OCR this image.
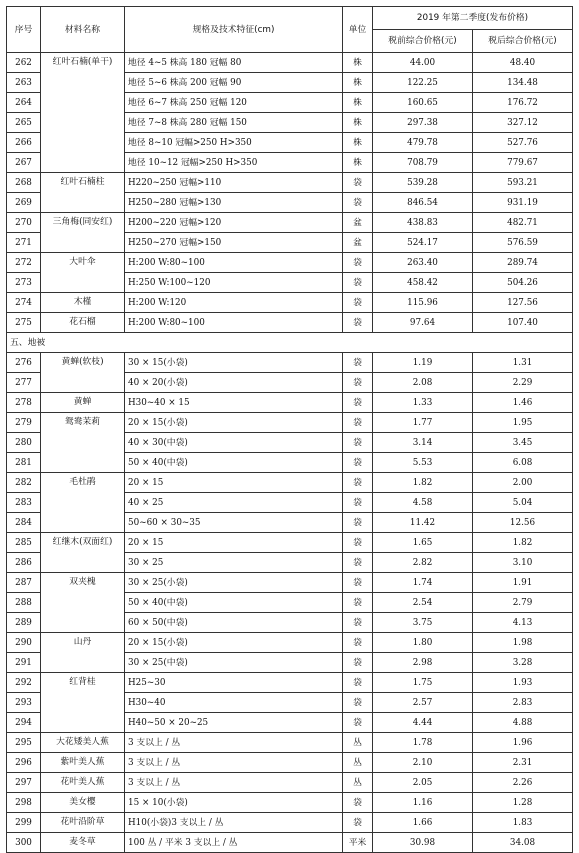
序号	材料名称	规格及技术特征(cm)	单位	2019 年第二季度(发布价格)	
				税前综合价格(元)	税后综合价格(元)
262	红叶石楠(单干)	地径 4~5 株高 180 冠幅 80	株	44.00	48.40
263		地径 5~6 株高 200 冠幅 90	株	122.25	134.48
264		地径 6~7 株高 250 冠幅 120	株	160.65	176.72
265		地径 7~8 株高 280 冠幅 150	株	297.38	327.12
266		地径 8~10 冠幅>250 H>350	株	479.78	527.76
267		地径 10~12 冠幅>250 H>350	株	708.79	779.67
268	红叶石楠柱	H220~250 冠幅>110	袋	539.28	593.21
269		H250~280 冠幅>130	袋	846.54	931.19
270	三角梅(同安红)	H200~220 冠幅>120	盆	438.83	482.71
271		H250~270 冠幅>150	盆	524.17	576.59
272	大叶伞	H:200 W:80~100	袋	263.40	289.74
273		H:250 W:100~120	袋	458.42	504.26
274	木槿	H:200 W:120	袋	115.96	127.56
275	花石榴	H:200 W:80~100	袋	97.64	107.40
五、地被					
276	黄蝉(软枝)	30 × 15(小袋)	袋	1.19	1.31
277		40 × 20(小袋)	袋	2.08	2.29
278	黄蝉	H30~40 × 15	袋	1.33	1.46
279	鸳鸯茉莉	20 × 15(小袋)	袋	1.77	1.95
280		40 × 30(中袋)	袋	3.14	3.45
281		50 × 40(中袋)	袋	5.53	6.08
282	毛杜鹃	20 × 15	袋	1.82	2.00
283		40 × 25	袋	4.58	5.04
284		50~60 × 30~35	袋	11.42	12.56
285	红继木(双面红)	20 × 15	袋	1.65	1.82
286		30 × 25	袋	2.82	3.10
287	双夹槐	30 × 25(小袋)	袋	1.74	1.91
288		50 × 40(中袋)	袋	2.54	2.79
289		60 × 50(中袋)	袋	3.75	4.13
290	山丹	20 × 15(小袋)	袋	1.80	1.98
291		30 × 25(中袋)	袋	2.98	3.28
292	红背桂	H25~30	袋	1.75	1.93
293		H30~40	袋	2.57	2.83
294		H40~50 × 20~25	袋	4.44	4.88
295	大花矮美人蕉	3 支以上 / 丛	丛	1.78	1.96
296	紫叶美人蕉	3 支以上 / 丛	丛	2.10	2.31
297	花叶美人蕉	3 支以上 / 丛	丛	2.05	2.26
298	美女樱	15 × 10(小袋)	袋	1.16	1.28
299	花叶沿阶草	H10(小袋)3 支以上 / 丛	袋	1.66	1.83
300	麦冬草	100 丛 / 平米 3 支以上 / 丛	平米	30.98	34.08
